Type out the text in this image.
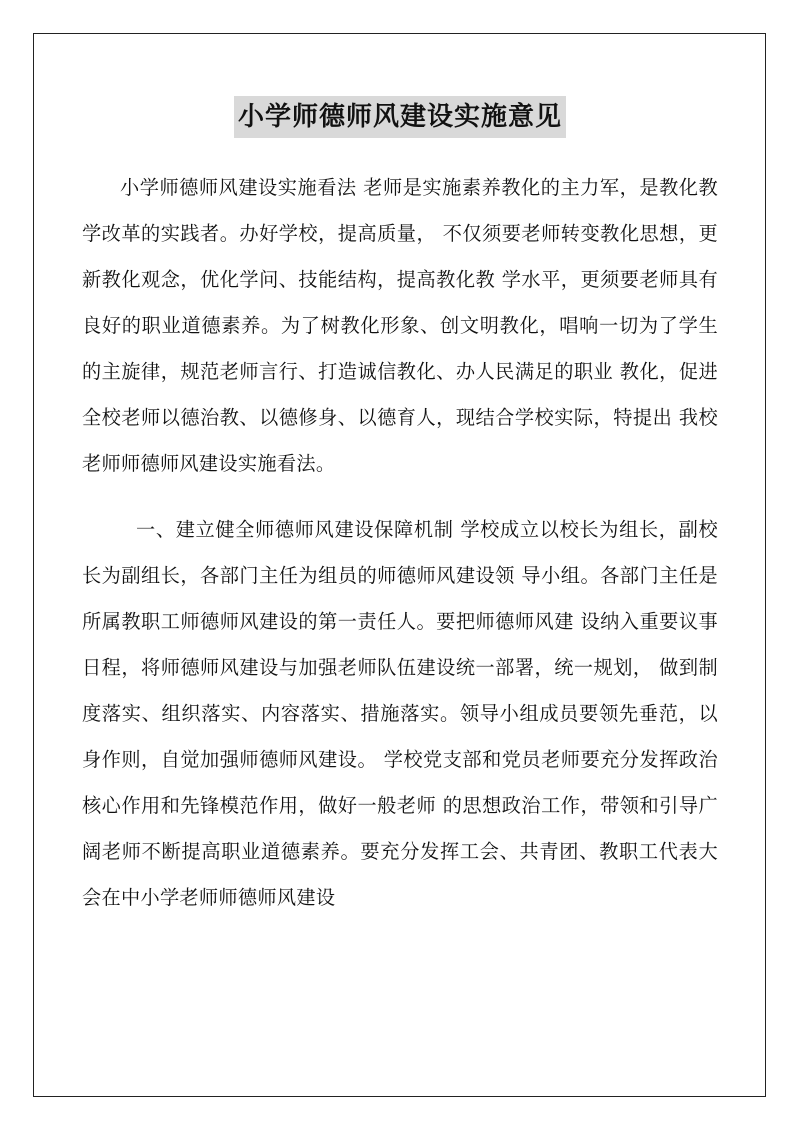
小学师德师风建设实施意见

小学师德师风建设实施看法 老师是实施素养教化的主力军，是教化教学改革的实践者。办好学校，提高质量， 不仅须要老师转变教化思想，更新教化观念，优化学问、技能结构，提高教化教 学水平，更须要老师具有良好的职业道德素养。为了树教化形象、创文明教化，唱响一切为了学生的主旋律，规范老师言行、打造诚信教化、办人民满足的职业 教化，促进全校老师以德治教、以德修身、以德育人，现结合学校实际，特提出 我校老师师德师风建设实施看法。

一、建立健全师德师风建设保障机制 学校成立以校长为组长，副校长为副组长，各部门主任为组员的师德师风建设领 导小组。各部门主任是所属教职工师德师风建设的第一责任人。要把师德师风建 设纳入重要议事日程，将师德师风建设与加强老师队伍建设统一部署，统一规划， 做到制度落实、组织落实、内容落实、措施落实。领导小组成员要领先垂范，以 身作则，自觉加强师德师风建设。 学校党支部和党员老师要充分发挥政治核心作用和先锋模范作用，做好一般老师 的思想政治工作，带领和引导广阔老师不断提高职业道德素养。要充分发挥工会、共青团、教职工代表大会在中小学老师师德师风建设
